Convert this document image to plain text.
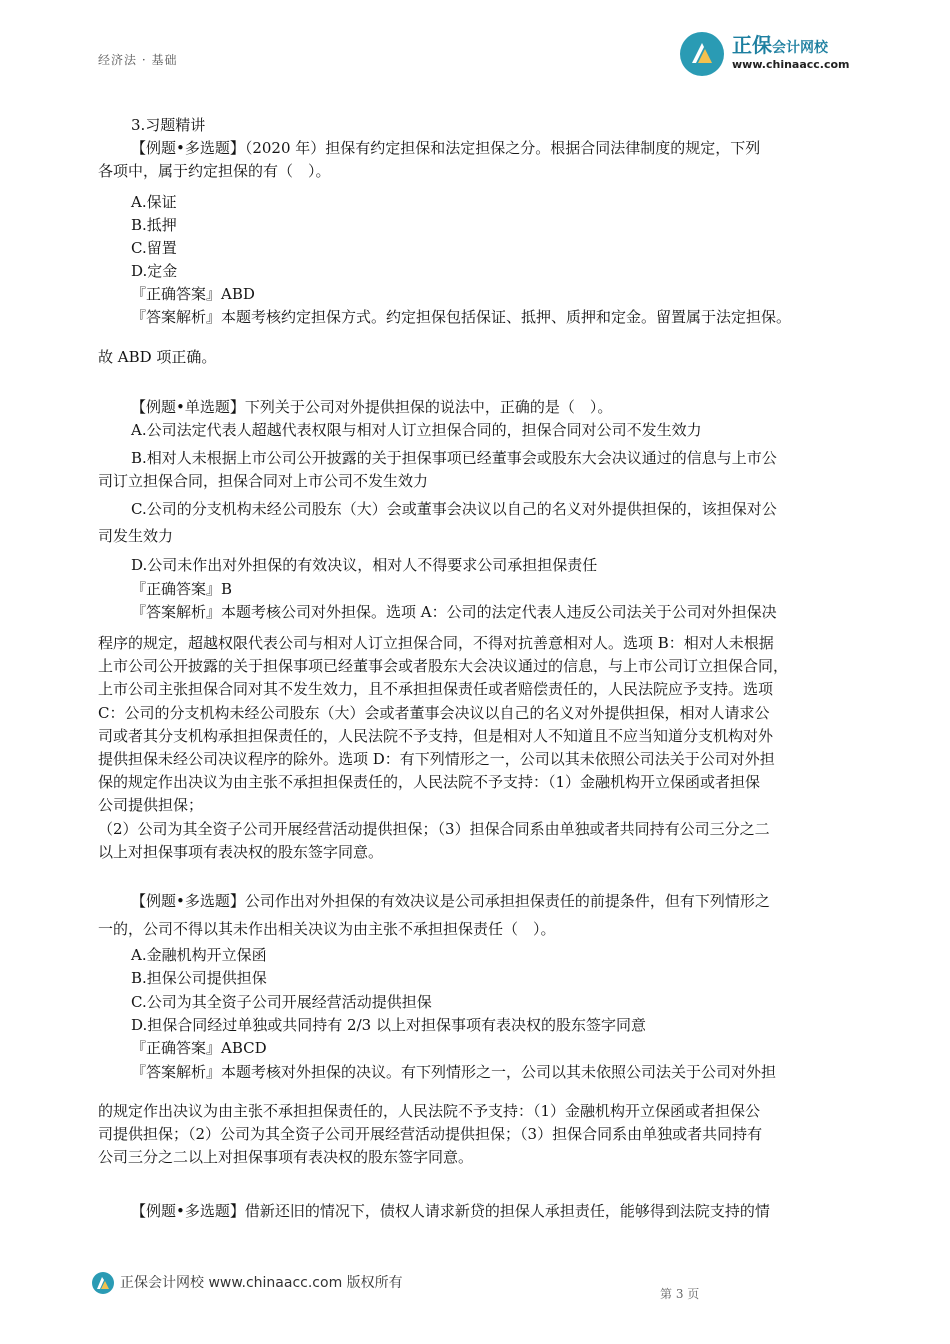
经济法 · 基础
正保会计网校
www.chinaacc.com
3.习题精讲
【例题•多选题】（2020 年）担保有约定担保和法定担保之分。根据合同法律制度的规定，下列
各项中，属于约定担保的有（　）。
A.保证
B.抵押
C.留置
D.定金
『正确答案』ABD
『答案解析』本题考核约定担保方式。约定担保包括保证、抵押、质押和定金。留置属于法定担保。
故 ABD 项正确。
【例题•单选题】下列关于公司对外提供担保的说法中，正确的是（　）。
A.公司法定代表人超越代表权限与相对人订立担保合同的，担保合同对公司不发生效力
B.相对人未根据上市公司公开披露的关于担保事项已经董事会或股东大会决议通过的信息与上市公
司订立担保合同，担保合同对上市公司不发生效力
C.公司的分支机构未经公司股东（大）会或董事会决议以自己的名义对外提供担保的，该担保对公
司发生效力
D.公司未作出对外担保的有效决议，相对人不得要求公司承担担保责任
『正确答案』B
『答案解析』本题考核公司对外担保。选项 A：公司的法定代表人违反公司法关于公司对外担保决
程序的规定，超越权限代表公司与相对人订立担保合同，不得对抗善意相对人。选项 B：相对人未根据
上市公司公开披露的关于担保事项已经董事会或者股东大会决议通过的信息，与上市公司订立担保合同，
上市公司主张担保合同对其不发生效力，且不承担担保责任或者赔偿责任的，人民法院应予支持。选项
C：公司的分支机构未经公司股东（大）会或者董事会决议以自己的名义对外提供担保，相对人请求公
司或者其分支机构承担担保责任的，人民法院不予支持，但是相对人不知道且不应当知道分支机构对外
提供担保未经公司决议程序的除外。选项 D：有下列情形之一，公司以其未依照公司法关于公司对外担
保的规定作出决议为由主张不承担担保责任的，人民法院不予支持：（1）金融机构开立保函或者担保
公司提供担保；
（2）公司为其全资子公司开展经营活动提供担保；（3）担保合同系由单独或者共同持有公司三分之二
以上对担保事项有表决权的股东签字同意。
【例题•多选题】公司作出对外担保的有效决议是公司承担担保责任的前提条件，但有下列情形之
一的，公司不得以其未作出相关决议为由主张不承担担保责任（　）。
A.金融机构开立保函
B.担保公司提供担保
C.公司为其全资子公司开展经营活动提供担保
D.担保合同经过单独或共同持有 2/3 以上对担保事项有表决权的股东签字同意
『正确答案』ABCD
『答案解析』本题考核对外担保的决议。有下列情形之一，公司以其未依照公司法关于公司对外担
的规定作出决议为由主张不承担担保责任的，人民法院不予支持：（1）金融机构开立保函或者担保公
司提供担保；（2）公司为其全资子公司开展经营活动提供担保；（3）担保合同系由单独或者共同持有
公司三分之二以上对担保事项有表决权的股东签字同意。
【例题•多选题】借新还旧的情况下，债权人请求新贷的担保人承担责任，能够得到法院支持的情
正保会计网校 www.chinaacc.com 版权所有
第 3 页
